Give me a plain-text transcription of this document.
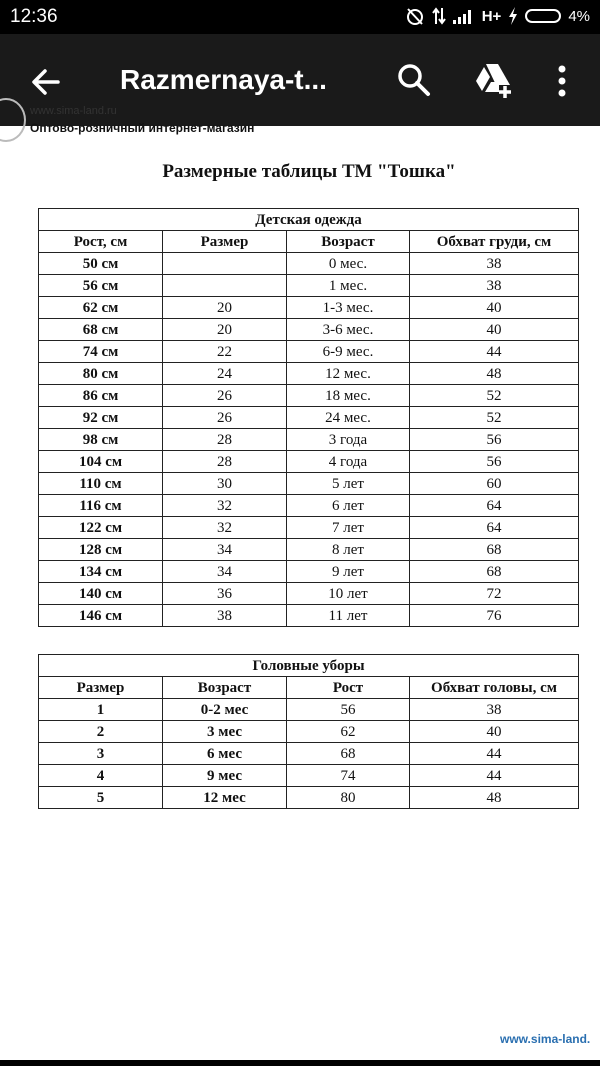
12:36	H+	4%
Razmernaya-t...
www.sima-land.ru
Оптово-розничный интернет-магазин
Размерные таблицы ТМ "Тошка"
Детская одежда			
Рост, см	Размер	Возраст	Обхват груди, см
50 см		0 мес.	38
56 см		1 мес.	38
62 см	20	1-3 мес.	40
68 см	20	3-6 мес.	40
74 см	22	6-9 мес.	44
80 см	24	12 мес.	48
86 см	26	18 мес.	52
92 см	26	24 мес.	52
98 см	28	3 года	56
104 см	28	4 года	56
110 см	30	5 лет	60
116 см	32	6 лет	64
122 см	32	7 лет	64
128 см	34	8 лет	68
134 см	34	9 лет	68
140 см	36	10 лет	72
146 см	38	11 лет	76
Головные уборы			
Размер	Возраст	Рост	Обхват головы, см
1	0-2 мес	56	38
2	3 мес	62	40
3	6 мес	68	44
4	9 мес	74	44
5	12 мес	80	48
www.sima-land.
